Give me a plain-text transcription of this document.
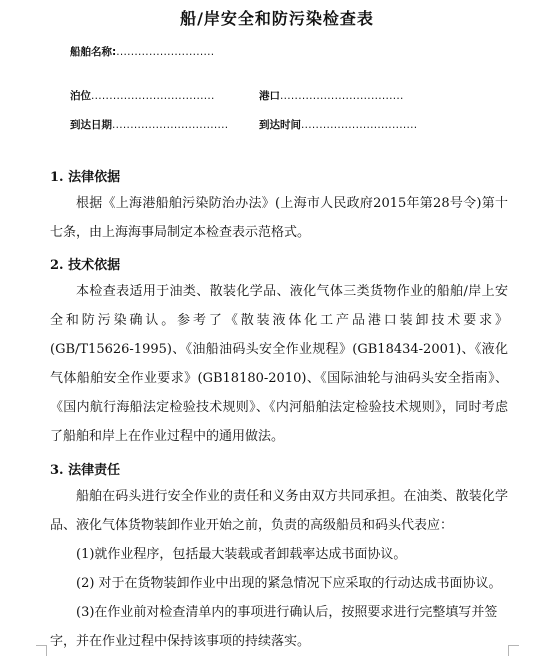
船/岸安全和防污染检查表
船舶名称:...........................
泊位..................................	港口..................................
到达日期................................	到达时间................................
1. 法律依据
根据《上海港船舶污染防治办法》(上海市人民政府2015年第28号令)第十七条，由上海海事局制定本检查表示范格式。
2. 技术依据
本检查表适用于油类、散装化学品、液化气体三类货物作业的船舶/岸上安全和防污染确认。参考了《散装液体化工产品港口装卸技术要求》(GB/T15626-1995)、《油船油码头安全作业规程》(GB18434-2001)、《液化气体船舶安全作业要求》(GB18180-2010)、《国际油轮与油码头安全指南》、《国内航行海船法定检验技术规则》、《内河船舶法定检验技术规则》，同时考虑了船舶和岸上在作业过程中的通用做法。
3. 法律责任
船舶在码头进行安全作业的责任和义务由双方共同承担。在油类、散装化学品、液化气体货物装卸作业开始之前，负责的高级船员和码头代表应：
(1)就作业程序，包括最大装载或者卸载率达成书面协议。
(2) 对于在货物装卸作业中出现的紧急情况下应采取的行动达成书面协议。
(3)在作业前对检查清单内的事项进行确认后，按照要求进行完整填写并签字，并在作业过程中保持该事项的持续落实。
